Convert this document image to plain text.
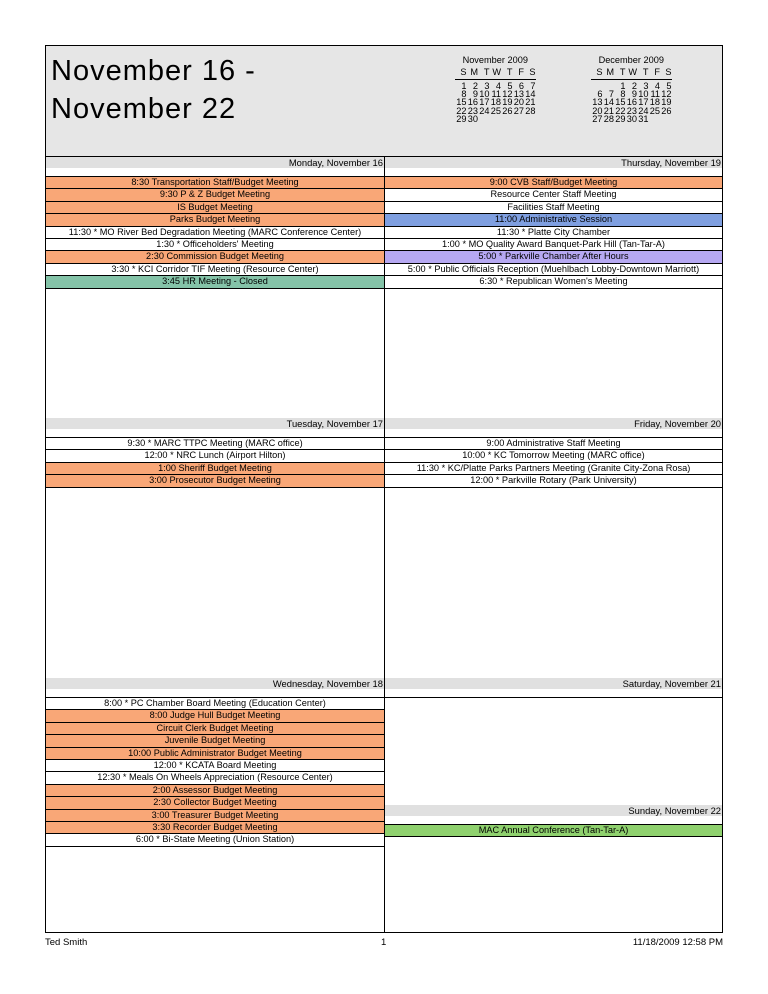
November 16 -
November 22
November 2009
S	M	T	W	T	F	S
1	2	3	4	5	6	7
8	9	10	11	12	13	14
15	16	17	18	19	20	21
22	23	24	25	26	27	28
29	30					
December 2009
S	M	T	W	T	F	S
		1	2	3	4	5
6	7	8	9	10	11	12
13	14	15	16	17	18	19
20	21	22	23	24	25	26
27	28	29	30	31		
Monday, November 16
8:30 Transportation Staff/Budget Meeting
9:30 P & Z Budget Meeting
IS Budget Meeting
Parks Budget Meeting
11:30 * MO River Bed Degradation Meeting (MARC Conference Center)
1:30 * Officeholders' Meeting
2:30 Commission Budget Meeting
3:30 * KCI Corridor TIF Meeting (Resource Center)
3:45 HR Meeting - Closed
Tuesday, November 17
9:30 * MARC TTPC Meeting (MARC office)
12:00 * NRC Lunch (Airport Hilton)
1:00 Sheriff Budget Meeting
3:00 Prosecutor Budget Meeting
Wednesday, November 18
8:00 * PC Chamber Board Meeting (Education Center)
8:00 Judge Hull Budget Meeting
Circuit Clerk Budget Meeting
Juvenile Budget Meeting
10:00 Public Administrator Budget Meeting
12:00 * KCATA Board Meeting
12:30 * Meals On Wheels Appreciation (Resource Center)
2:00 Assessor Budget Meeting
2:30 Collector Budget Meeting
3:00 Treasurer Budget Meeting
3:30 Recorder Budget Meeting
6:00 * Bi-State Meeting (Union Station)
Thursday, November 19
9:00 CVB Staff/Budget Meeting
Resource Center Staff Meeting
Facilities Staff Meeting
11:00 Administrative Session
11:30 * Platte City Chamber
1:00 * MO Quality Award Banquet-Park Hill (Tan-Tar-A)
5:00 * Parkville Chamber After Hours
5:00 * Public Officials Reception (Muehlbach Lobby-Downtown Marriott)
6:30 * Republican Women's Meeting
Friday, November 20
9:00 Administrative Staff Meeting
10:00 * KC Tomorrow Meeting (MARC office)
11:30 * KC/Platte Parks Partners Meeting (Granite City-Zona Rosa)
12:00 * Parkville Rotary (Park University)
Saturday, November 21
Sunday, November 22
MAC Annual Conference (Tan-Tar-A)
Ted Smith	1	11/18/2009 12:58 PM
